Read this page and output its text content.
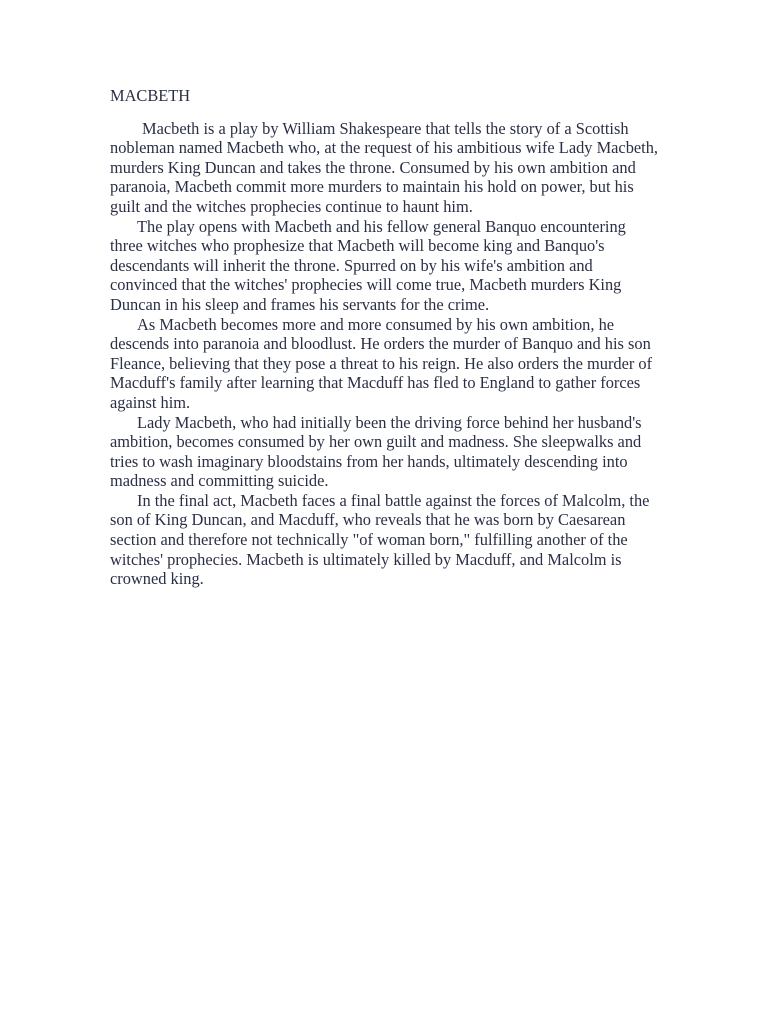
MACBETH

Macbeth is a play by William Shakespeare that tells the story of a Scottish nobleman named Macbeth who, at the request of his ambitious wife Lady Macbeth, murders King Duncan and takes the throne. Consumed by his own ambition and paranoia, Macbeth commit more murders to maintain his hold on power, but his guilt and the witches prophecies continue to haunt him.

The play opens with Macbeth and his fellow general Banquo encountering three witches who prophesize that Macbeth will become king and Banquo's descendants will inherit the throne. Spurred on by his wife's ambition and convinced that the witches' prophecies will come true, Macbeth murders King Duncan in his sleep and frames his servants for the crime.

As Macbeth becomes more and more consumed by his own ambition, he descends into paranoia and bloodlust. He orders the murder of Banquo and his son Fleance, believing that they pose a threat to his reign. He also orders the murder of Macduff's family after learning that Macduff has fled to England to gather forces against him.

Lady Macbeth, who had initially been the driving force behind her husband's ambition, becomes consumed by her own guilt and madness. She sleepwalks and tries to wash imaginary bloodstains from her hands, ultimately descending into madness and committing suicide.

In the final act, Macbeth faces a final battle against the forces of Malcolm, the son of King Duncan, and Macduff, who reveals that he was born by Caesarean section and therefore not technically "of woman born," fulfilling another of the witches' prophecies. Macbeth is ultimately killed by Macduff, and Malcolm is crowned king.
